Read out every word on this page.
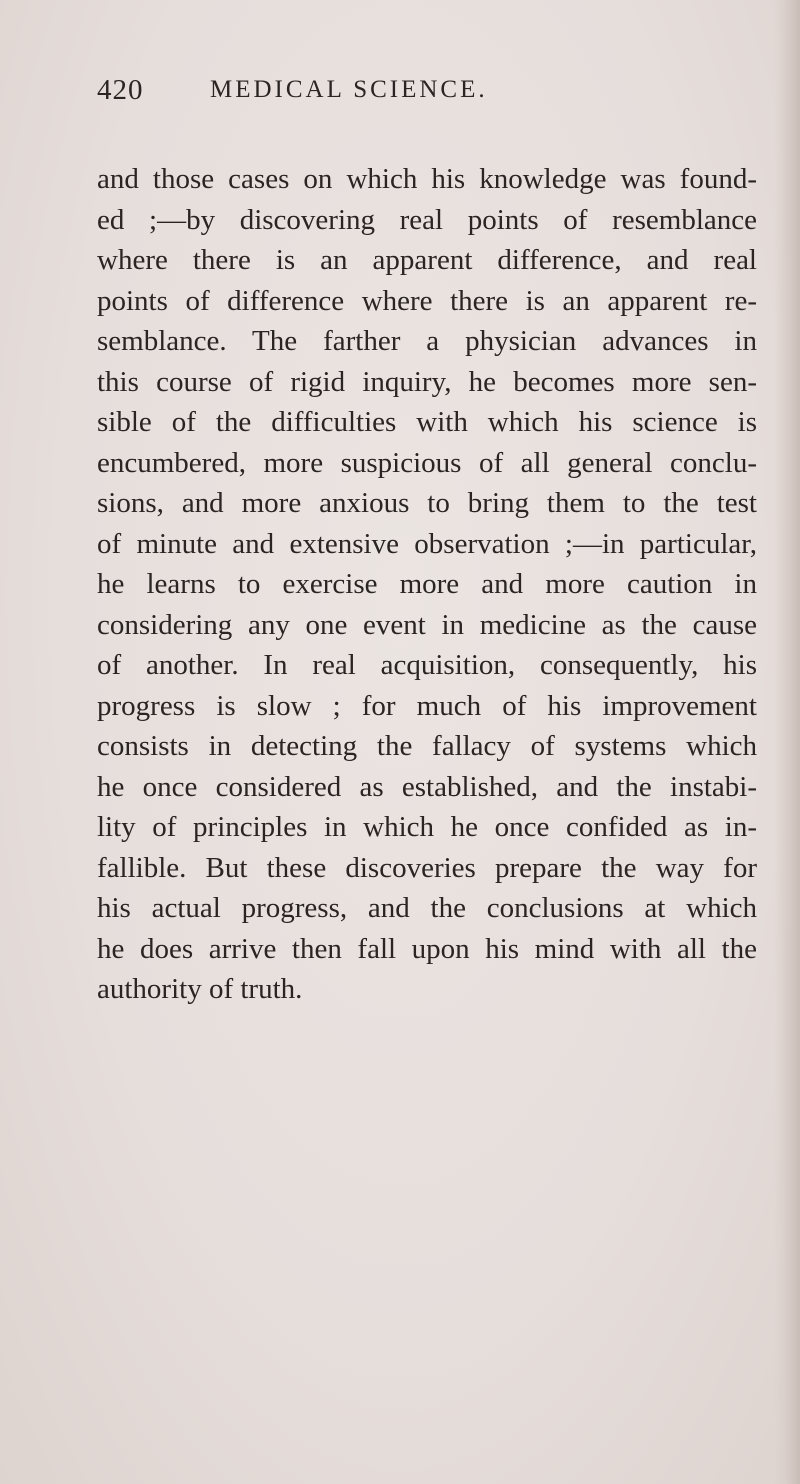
420	MEDICAL SCIENCE.

and those cases on which his knowledge was found-
ed ;—by discovering real points of resemblance
where there is an apparent difference, and real
points of difference where there is an apparent re-
semblance. The farther a physician advances in
this course of rigid inquiry, he becomes more sen-
sible of the difficulties with which his science is
encumbered, more suspicious of all general conclu-
sions, and more anxious to bring them to the test
of minute and extensive observation ;—in particular,
he learns to exercise more and more caution in
considering any one event in medicine as the cause
of another. In real acquisition, consequently, his
progress is slow ; for much of his improvement
consists in detecting the fallacy of systems which
he once considered as established, and the instabi-
lity of principles in which he once confided as in-
fallible. But these discoveries prepare the way for
his actual progress, and the conclusions at which
he does arrive then fall upon his mind with all the
authority of truth.
